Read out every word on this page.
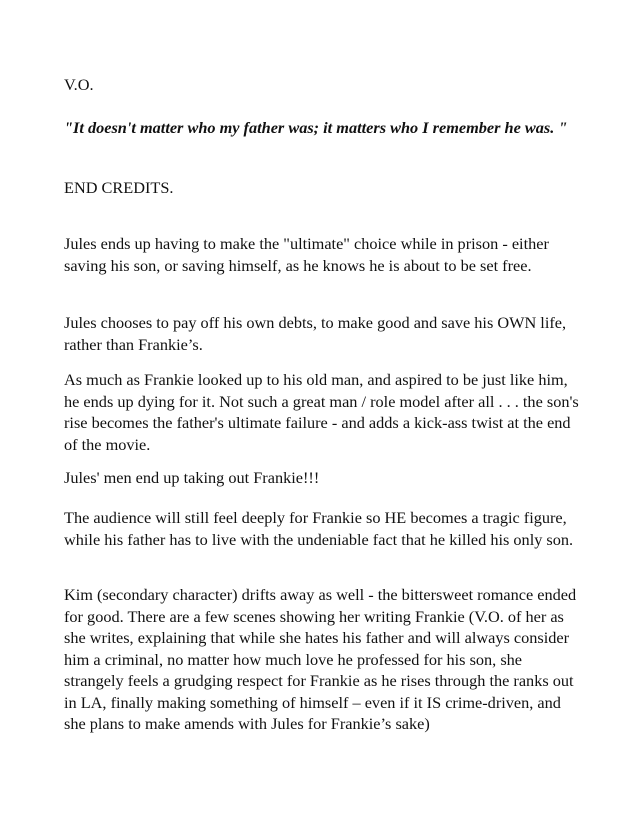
V.O.

"It doesn't matter who my father was; it matters who I remember he was. "

END CREDITS.

Jules ends up having to make the "ultimate" choice while in prison - either saving his son, or saving himself, as he knows he is about to be set free.

Jules chooses to pay off his own debts, to make good and save his OWN life, rather than Frankie’s.

As much as Frankie looked up to his old man, and aspired to be just like him, he ends up dying for it. Not such a great man / role model after all . . . the son's rise becomes the father's ultimate failure - and adds a kick-ass twist at the end of the movie.

Jules' men end up taking out Frankie!!!

The audience will still feel deeply for Frankie so HE becomes a tragic figure, while his father has to live with the undeniable fact that he killed his only son.

Kim (secondary character) drifts away as well - the bittersweet romance ended for good. There are a few scenes showing her writing Frankie (V.O. of her as she writes, explaining that while she hates his father and will always consider him a criminal, no matter how much love he professed for his son, she strangely feels a grudging respect for Frankie as he rises through the ranks out in LA, finally making something of himself – even if it IS crime-driven, and she plans to make amends with Jules for Frankie’s sake)
